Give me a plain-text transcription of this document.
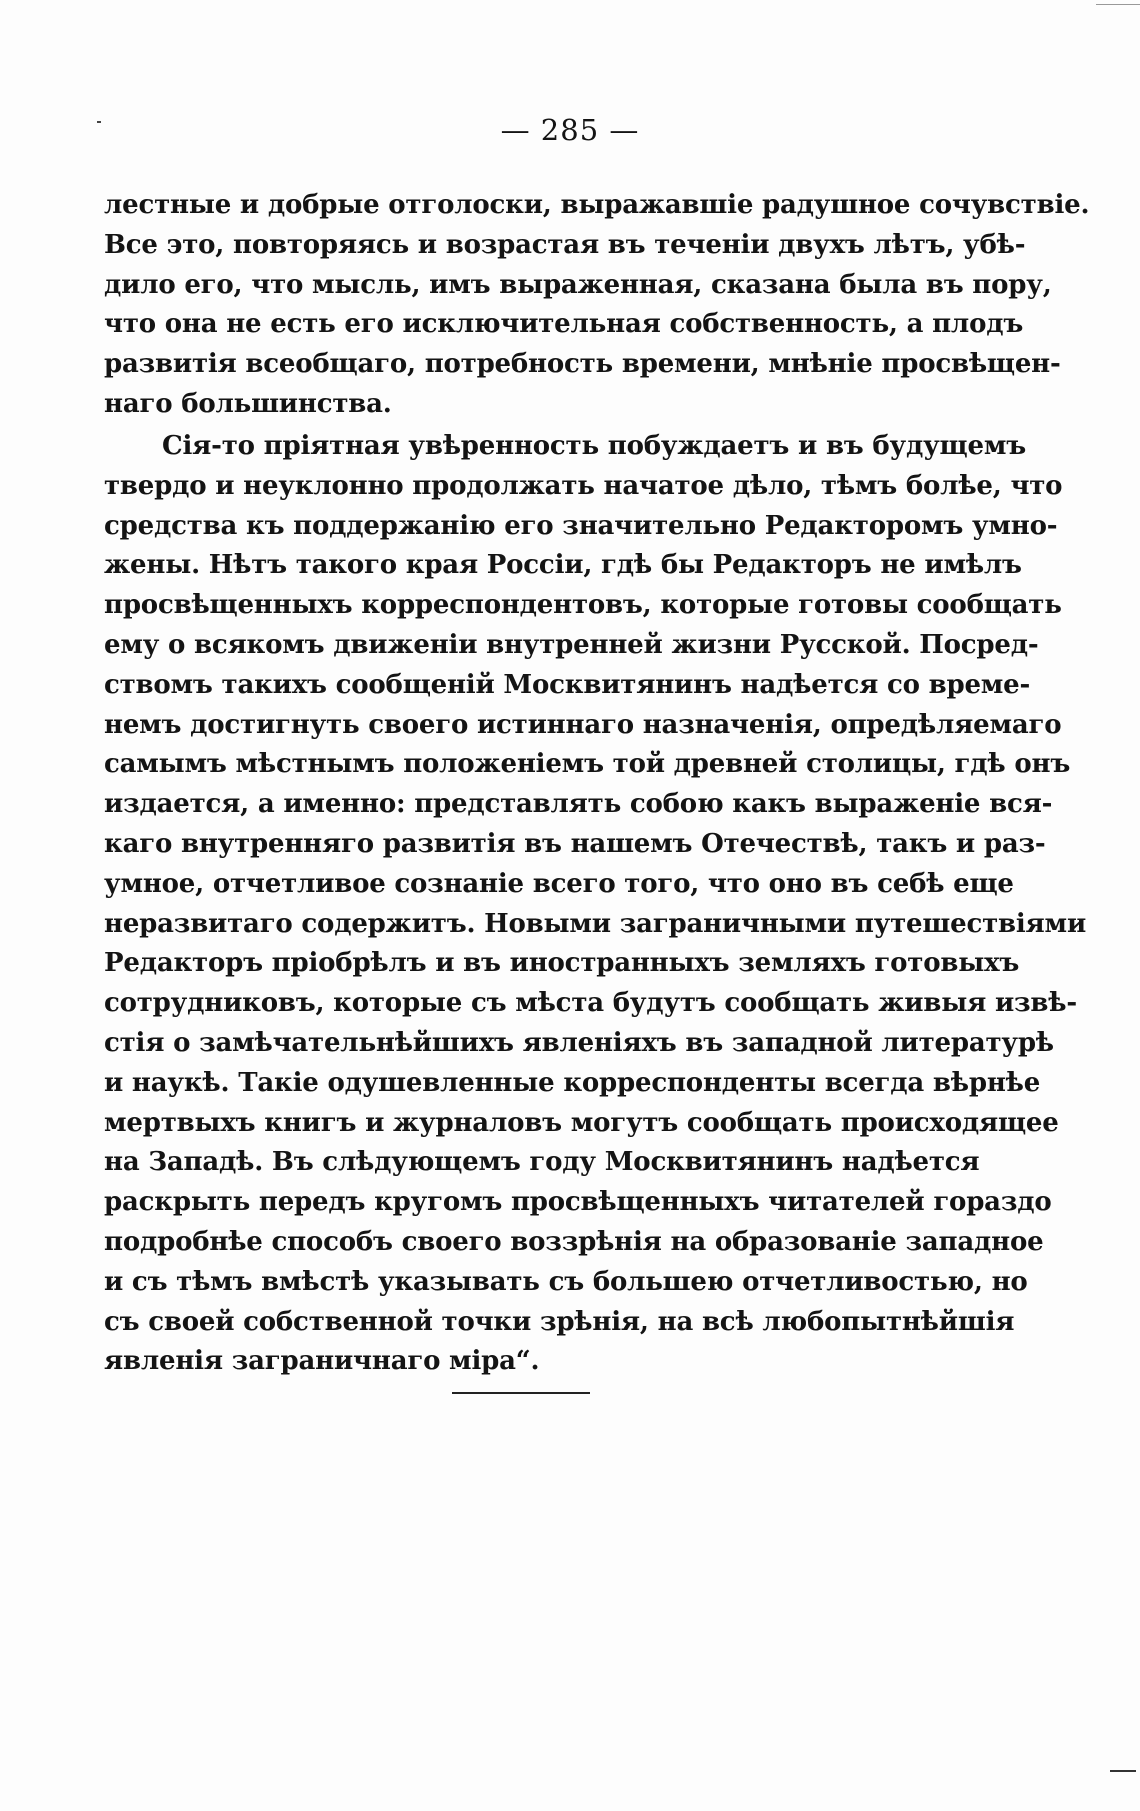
— 285 —
лестные и добрые отголоски, выражавшіе радушное сочувствіе.
Все это, повторяясь и возрастая въ теченіи двухъ лѣтъ, убѣ-
дило его, что мысль, имъ выраженная, сказана была въ пору,
что она не есть его исключительная собственность, а плодъ
развитія всеобщаго, потребность времени, мнѣніе просвѣщен-
наго большинства.
Сія-то пріятная увѣренность побуждаетъ и въ будущемъ
твердо и неуклонно продолжать начатое дѣло, тѣмъ болѣе, что
средства къ поддержанію его значительно Редакторомъ умно-
жены. Нѣтъ такого края Россіи, гдѣ бы Редакторъ не имѣлъ
просвѣщенныхъ корреспондентовъ, которые готовы сообщать
ему о всякомъ движеніи внутренней жизни Русской. Посред-
ствомъ такихъ сообщеній Москвитянинъ надѣется со време-
немъ достигнуть своего истиннаго назначенія, опредѣляемаго
самымъ мѣстнымъ положеніемъ той древней столицы, гдѣ онъ
издается, а именно: представлять собою какъ выраженіе вся-
каго внутренняго развитія въ нашемъ Отечествѣ, такъ и раз-
умное, отчетливое сознаніе всего того, что оно въ себѣ еще
неразвитаго содержитъ. Новыми заграничными путешествіями
Редакторъ пріобрѣлъ и въ иностранныхъ земляхъ готовыхъ
сотрудниковъ, которые съ мѣста будутъ сообщать живыя извѣ-
стія о замѣчательнѣйшихъ явленіяхъ въ западной литературѣ
и наукѣ. Такіе одушевленные корреспонденты всегда вѣрнѣе
мертвыхъ книгъ и журналовъ могутъ сообщать происходящее
на Западѣ. Въ слѣдующемъ году Москвитянинъ надѣется
раскрыть передъ кругомъ просвѣщенныхъ читателей гораздо
подробнѣе способъ своего воззрѣнія на образованіе западное
и съ тѣмъ вмѣстѣ указывать съ большею отчетливостью, но
съ своей собственной точки зрѣнія, на всѣ любопытнѣйшія
явленія заграничнаго міра“.
